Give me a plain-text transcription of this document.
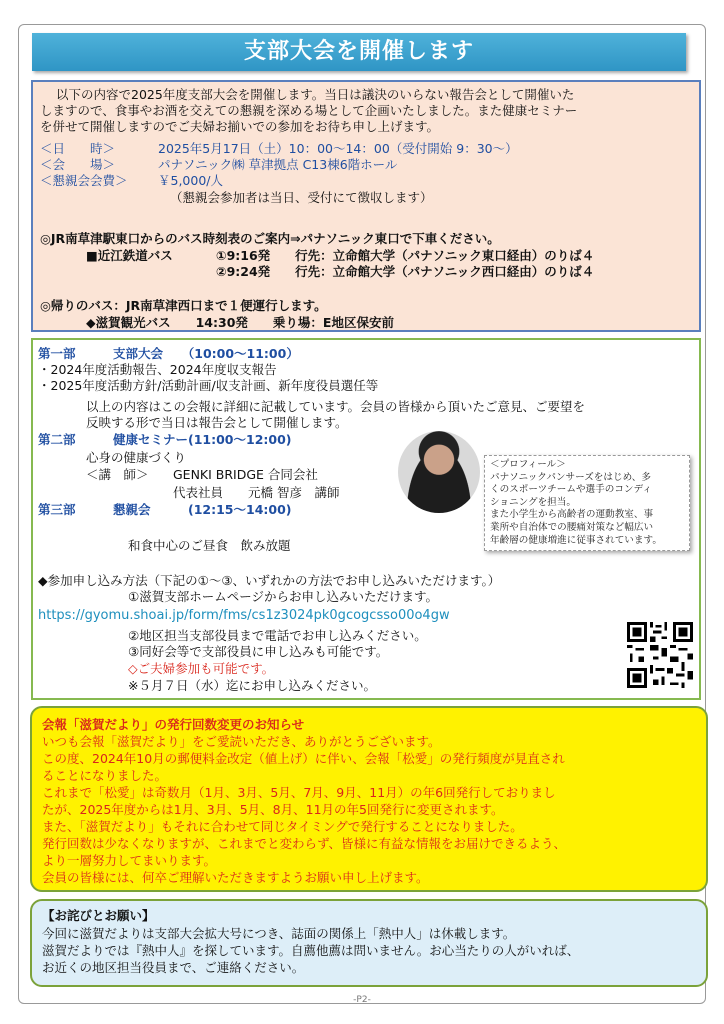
支部大会を開催します
以下の内容で2025年度支部大会を開催します。当日は議決のいらない報告会として開催いた
しますので、食事やお酒を交えての懇親を深める場として企画いたしました。また健康セミナー
を併せて開催しますのでご夫婦お揃いでの参加をお待ち申し上げます。
＜日　　時＞	2025年5月17日（土）10：00～14：00（受付開始 9：30～）
＜会　　場＞	パナソニック㈱ 草津拠点 C13棟6階ホール
＜懇親会会費＞ ￥5,000/人
（懇親会参加者は当日、受付にて徴収します）
◎JR南草津駅東口からのバス時刻表のご案内⇒パナソニック東口で下車ください。
■近江鉄道バス	①9:16発　　行先：立命館大学（パナソニック東口経由）のりば４
②9:24発　　行先：立命館大学（パナソニック西口経由）のりば４
◎帰りのバス：JR南草津西口まで１便運行します。
◆滋賀観光バス　　14:30発　　乗り場：E地区保安前
第一部　　　支部大会　　（10:00～11:00）
・2024年度活動報告、2024年度収支報告
・2025年度活動方針/活動計画/収支計画、新年度役員選任等
以上の内容はこの会報に詳細に記載しています。会員の皆様から頂いたご意見、ご要望を
反映する形で当日は報告会として開催します。
第二部　　　健康セミナー(11:00～12:00)
心身の健康づくり
＜講　師＞ GENKI BRIDGE 合同会社
代表社員　　元橋 智彦　講師
第三部　　　懇親会　　　(12:15～14:00)
和食中心のご昼食　飲み放題
＜プロフィール＞
パナソニックパンサーズをはじめ、多
くのスポーツチームや選手のコンディ
ショニングを担当。
また小学生から高齢者の運動教室、事
業所や自治体での腰痛対策など幅広い
年齢層の健康増進に従事されています。
◆参加申し込み方法（下記の①～③、いずれかの方法でお申し込みいただけます。）
①滋賀支部ホームページからお申し込みいただけます。
https://gyomu.shoai.jp/form/fms/cs1z3024pk0gcogcsso00o4gw
②地区担当支部役員まで電話でお申し込みください。
③同好会等で支部役員に申し込みも可能です。
◇ご夫婦参加も可能です。
※５月７日（水）迄にお申し込みください。
会報「滋賀だより」の発行回数変更のお知らせ
いつも会報「滋賀だより」をご愛読いただき、ありがとうございます。
この度、2024年10月の郵便料金改定（値上げ）に伴い、会報「松愛」の発行頻度が見直され
ることになりました。
これまで「松愛」は奇数月（1月、3月、5月、7月、9月、11月）の年6回発行しておりまし
たが、2025年度からは1月、3月、5月、8月、11月の年5回発行に変更されます。
また、「滋賀だより」もそれに合わせて同じタイミングで発行することになりました。
発行回数は少なくなりますが、これまでと変わらず、皆様に有益な情報をお届けできるよう、
より一層努力してまいります。
会員の皆様には、何卒ご理解いただきますようお願い申し上げます。
【お詫びとお願い】
今回に滋賀だよりは支部大会拡大号につき、誌面の関係上「熱中人」は休載します。
滋賀だよりでは『熱中人』を探しています。自薦他薦は問いません。お心当たりの人がいれば、
お近くの地区担当役員まで、ご連絡ください。
-P2-
